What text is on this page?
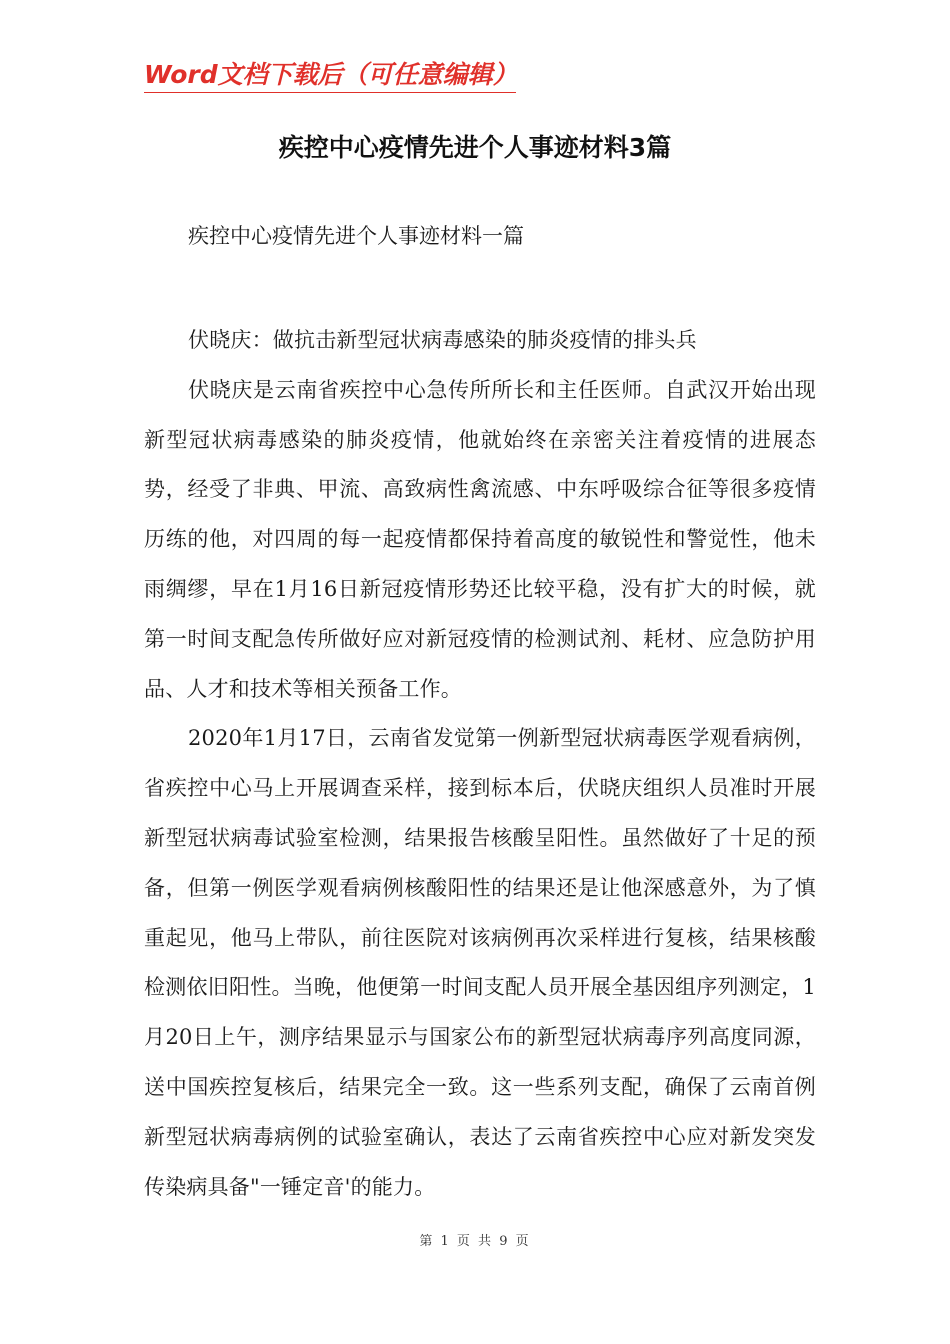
Word文档下载后（可任意编辑）
疾控中心疫情先进个人事迹材料3篇
疾控中心疫情先进个人事迹材料一篇

伏晓庆：做抗击新型冠状病毒感染的肺炎疫情的排头兵

伏晓庆是云南省疾控中心急传所所长和主任医师。自武汉开始出现新型冠状病毒感染的肺炎疫情，他就始终在亲密关注着疫情的进展态势，经受了非典、甲流、高致病性禽流感、中东呼吸综合征等很多疫情历练的他，对四周的每一起疫情都保持着高度的敏锐性和警觉性，他未雨绸缪，早在1月16日新冠疫情形势还比较平稳，没有扩大的时候，就第一时间支配急传所做好应对新冠疫情的检测试剂、耗材、应急防护用品、人才和技术等相关预备工作。

2020年1月17日，云南省发觉第一例新型冠状病毒医学观看病例，省疾控中心马上开展调查采样，接到标本后，伏晓庆组织人员准时开展新型冠状病毒试验室检测，结果报告核酸呈阳性。虽然做好了十足的预备，但第一例医学观看病例核酸阳性的结果还是让他深感意外，为了慎重起见，他马上带队，前往医院对该病例再次采样进行复核，结果核酸检测依旧阳性。当晚，他便第一时间支配人员开展全基因组序列测定，1月20日上午，测序结果显示与国家公布的新型冠状病毒序列高度同源，送中国疾控复核后，结果完全一致。这一些系列支配，确保了云南首例新型冠状病毒病例的试验室确认，表达了云南省疾控中心应对新发突发传染病具备"一锤定音'的能力。

第 1 页 共 9 页
